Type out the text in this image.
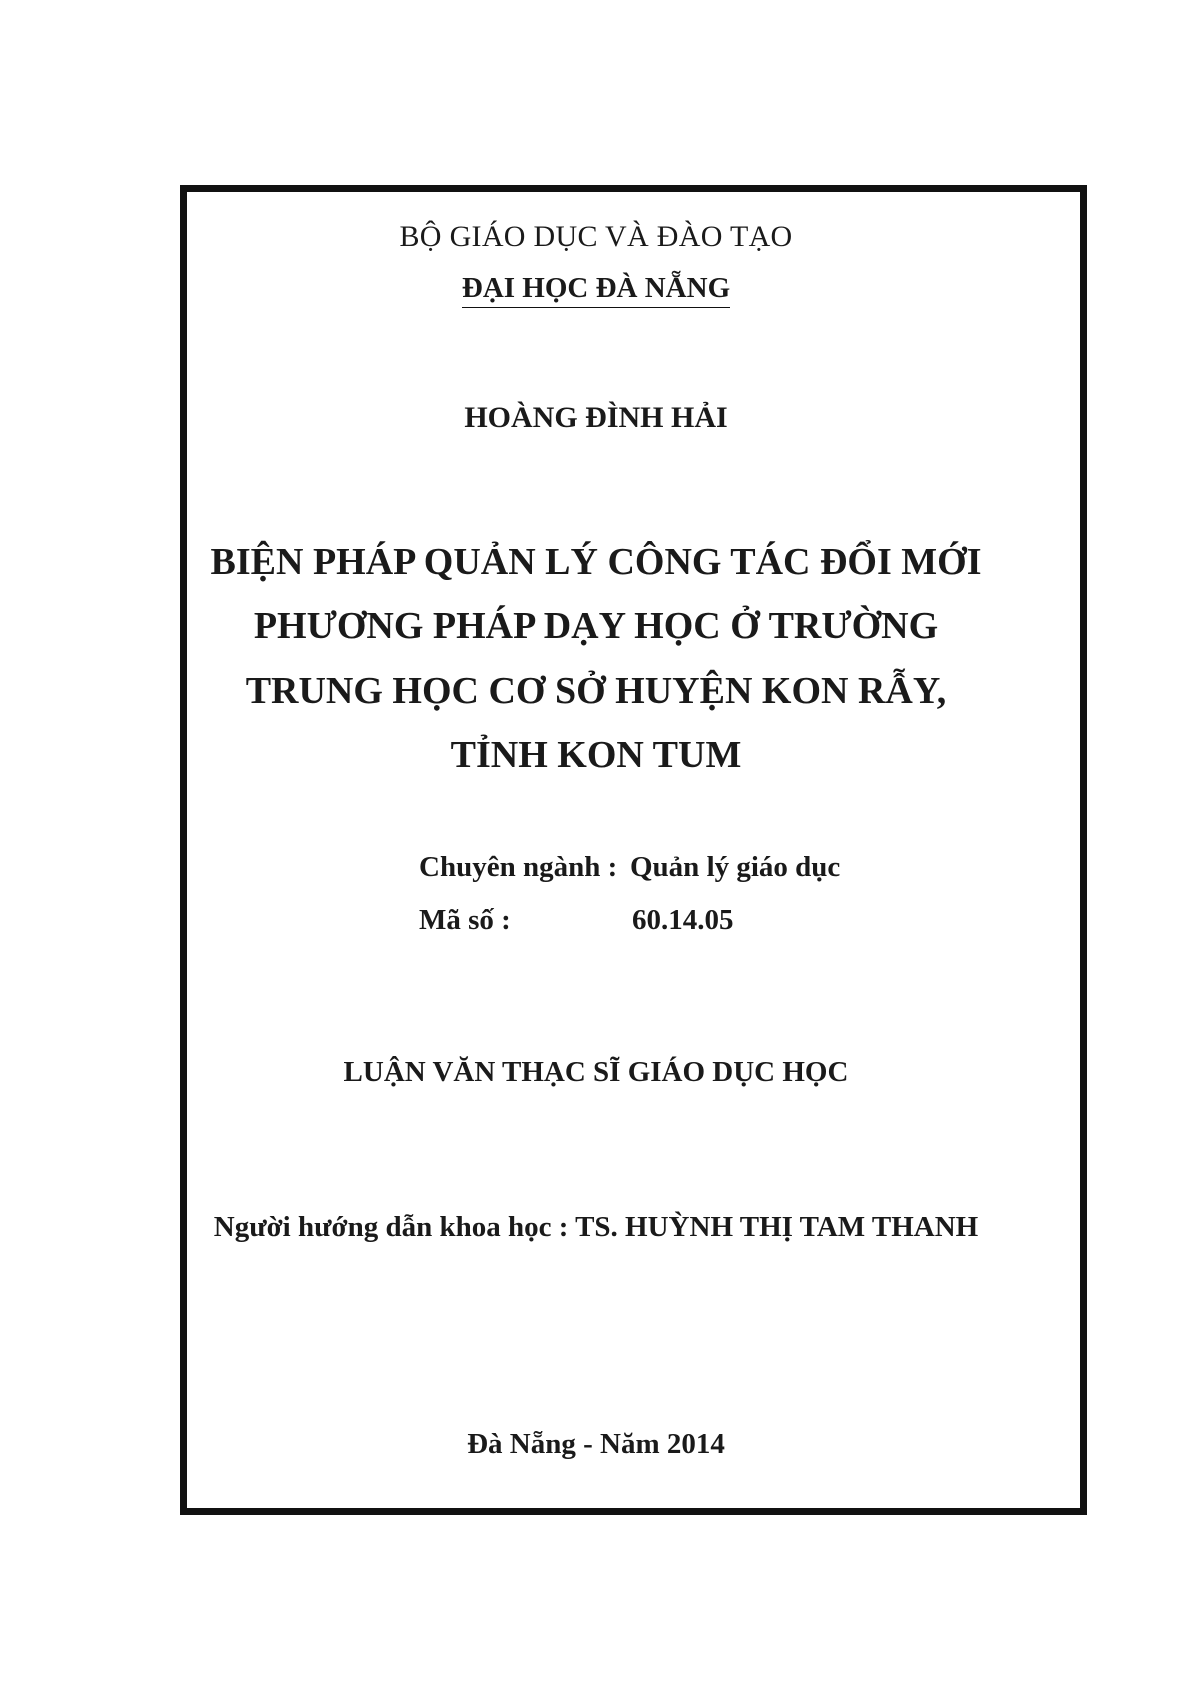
BỘ GIÁO DỤC VÀ ĐÀO TẠO
ĐẠI HỌC ĐÀ NẴNG
HOÀNG ĐÌNH HẢI
BIỆN PHÁP QUẢN LÝ CÔNG TÁC ĐỔI MỚI
PHƯƠNG PHÁP DẠY HỌC Ở TRƯỜNG
TRUNG HỌC CƠ SỞ HUYỆN KON RẪY,
TỈNH KON TUM
Chuyên ngành : Quản lý giáo dục
Mã số :	60.14.05
LUẬN VĂN THẠC SĨ GIÁO DỤC HỌC
Người hướng dẫn khoa học : TS. HUỲNH THỊ TAM THANH
Đà Nẵng - Năm 2014
